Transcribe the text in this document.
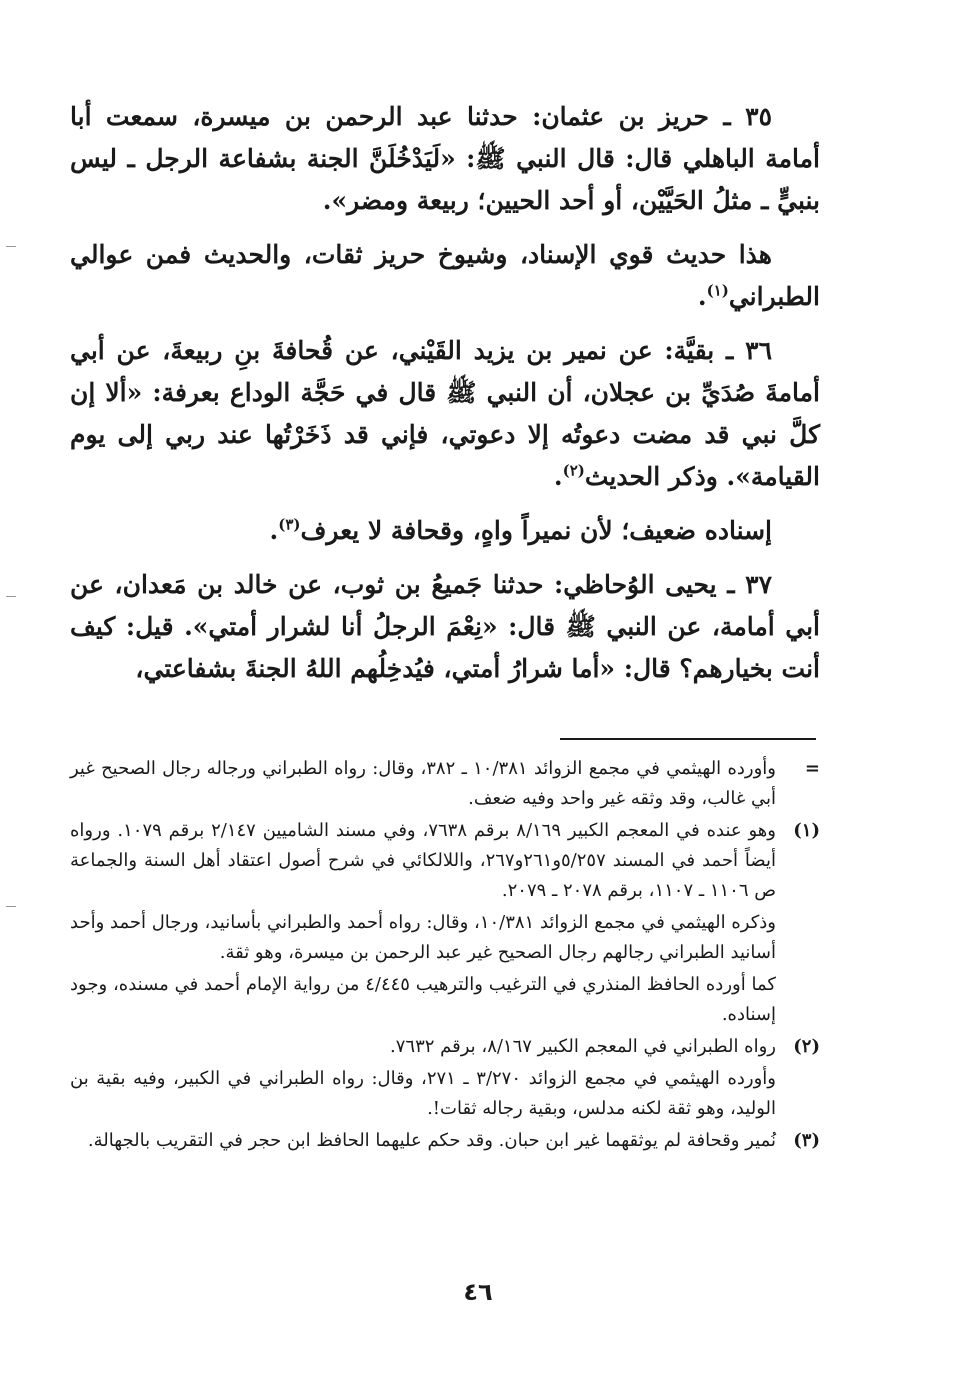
٣٥ ـ حريز بن عثمان: حدثنا عبد الرحمن بن ميسرة، سمعت أبا أمامة الباهلي قال: قال النبي ﷺ: «لَيَدْخُلَنَّ الجنة بشفاعة الرجل ـ ليس بنبيٍّ ـ مثلُ الحَيَّيْن، أو أحد الحيين؛ ربيعة ومضر».

هذا حديث قوي الإسناد، وشيوخ حريز ثقات، والحديث فمن عوالي الطبراني$^{(١)}$.

٣٦ ـ بقيَّة: عن نمير بن يزيد القَيْني، عن قُحافةَ بنِ ربيعةَ، عن أبي أمامةَ صُدَيِّ بن عجلان، أن النبي ﷺ قال في حَجَّة الوداع بعرفة: «ألا إن كلَّ نبي قد مضت دعوتُه إلا دعوتي، فإني قد ذَخَرْتُها عند ربي إلى يوم القيامة». وذكر الحديث$^{(٢)}$.

إسناده ضعيف؛ لأن نميراً واهٍ، وقحافة لا يعرف$^{(٣)}$.

٣٧ ـ يحيى الوُحاظي: حدثنا جَميعُ بن ثوب، عن خالد بن مَعدان، عن أبي أمامة، عن النبي ﷺ قال: «نِعْمَ الرجلُ أنا لشرار أمتي». قيل: كيف أنت بخيارهم؟ قال: «أما شرارُ أمتي، فيُدخِلُهم اللهُ الجنةَ بشفاعتي،

=

وأورده الهيثمي في مجمع الزوائد ١٠/٣٨١ ـ ٣٨٢، وقال: رواه الطبراني ورجاله رجال الصحيح غير أبي غالب، وقد وثقه غير واحد وفيه ضعف.

(١)

وهو عنده في المعجم الكبير ٨/١٦٩ برقم ٧٦٣٨، وفي مسند الشاميين ٢/١٤٧ برقم ١٠٧٩. ورواه أيضاً أحمد في المسند ٥/٢٥٧و٢٦١و٢٦٧، واللالكائي في شرح أصول اعتقاد أهل السنة والجماعة ص ١١٠٦ ـ ١١٠٧، برقم ٢٠٧٨ ـ ٢٠٧٩.

وذكره الهيثمي في مجمع الزوائد ١٠/٣٨١، وقال: رواه أحمد والطبراني بأسانيد، ورجال أحمد وأحد أسانيد الطبراني رجالهم رجال الصحيح غير عبد الرحمن بن ميسرة، وهو ثقة.

كما أورده الحافظ المنذري في الترغيب والترهيب ٤/٤٤٥ من رواية الإمام أحمد في مسنده، وجود إسناده.

(٢)

رواه الطبراني في المعجم الكبير ٨/١٦٧، برقم ٧٦٣٢.

وأورده الهيثمي في مجمع الزوائد ٣/٢٧٠ ـ ٢٧١، وقال: رواه الطبراني في الكبير، وفيه بقية بن الوليد، وهو ثقة لكنه مدلس، وبقية رجاله ثقات!.

(٣)

نُمير وقحافة لم يوثقهما غير ابن حبان. وقد حكم عليهما الحافظ ابن حجر في التقريب بالجهالة.

٤٦
